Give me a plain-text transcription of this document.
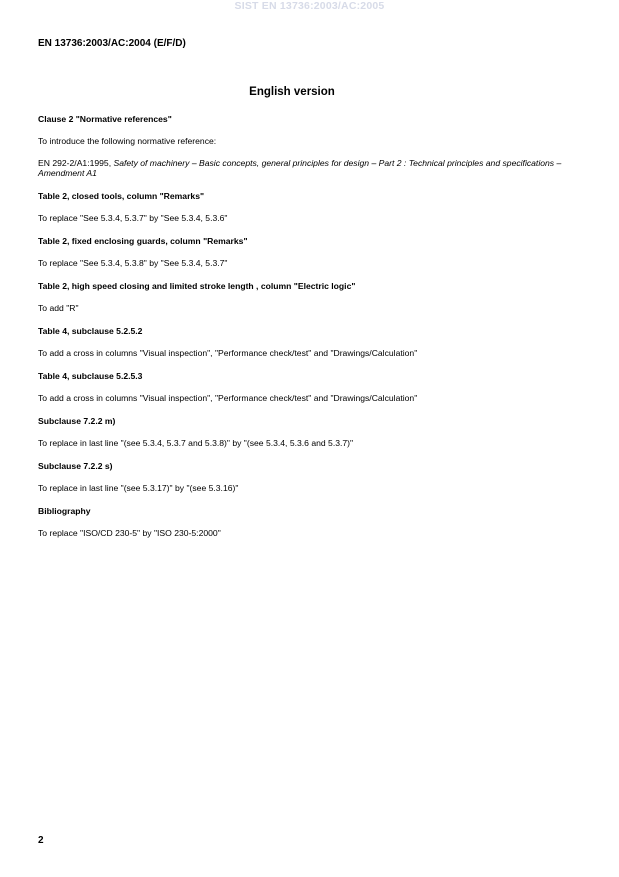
SIST EN 13736:2003/AC:2005
EN 13736:2003/AC:2004 (E/F/D)
English version
Clause 2 "Normative references"
To introduce the following normative reference:
EN 292-2/A1:1995, Safety of machinery – Basic concepts, general principles for design – Part 2 : Technical principles and specifications – Amendment A1
Table 2, closed tools, column "Remarks"
To replace "See 5.3.4, 5.3.7" by "See 5.3.4, 5.3.6"
Table 2, fixed enclosing guards, column "Remarks"
To replace "See 5.3.4, 5.3.8" by "See 5.3.4, 5.3.7"
Table 2, high speed closing and limited stroke length , column "Electric logic"
To add "R"
Table 4, subclause 5.2.5.2
To add a cross in columns "Visual inspection", "Performance check/test" and "Drawings/Calculation"
Table 4, subclause 5.2.5.3
To add a cross in columns "Visual inspection", "Performance check/test" and "Drawings/Calculation"
Subclause 7.2.2 m)
To replace in last line "(see 5.3.4, 5.3.7 and 5.3.8)" by "(see 5.3.4, 5.3.6 and 5.3.7)"
Subclause 7.2.2 s)
To replace in last line "(see 5.3.17)" by "(see 5.3.16)"
Bibliography
To replace "ISO/CD 230-5" by "ISO 230-5:2000"
2
